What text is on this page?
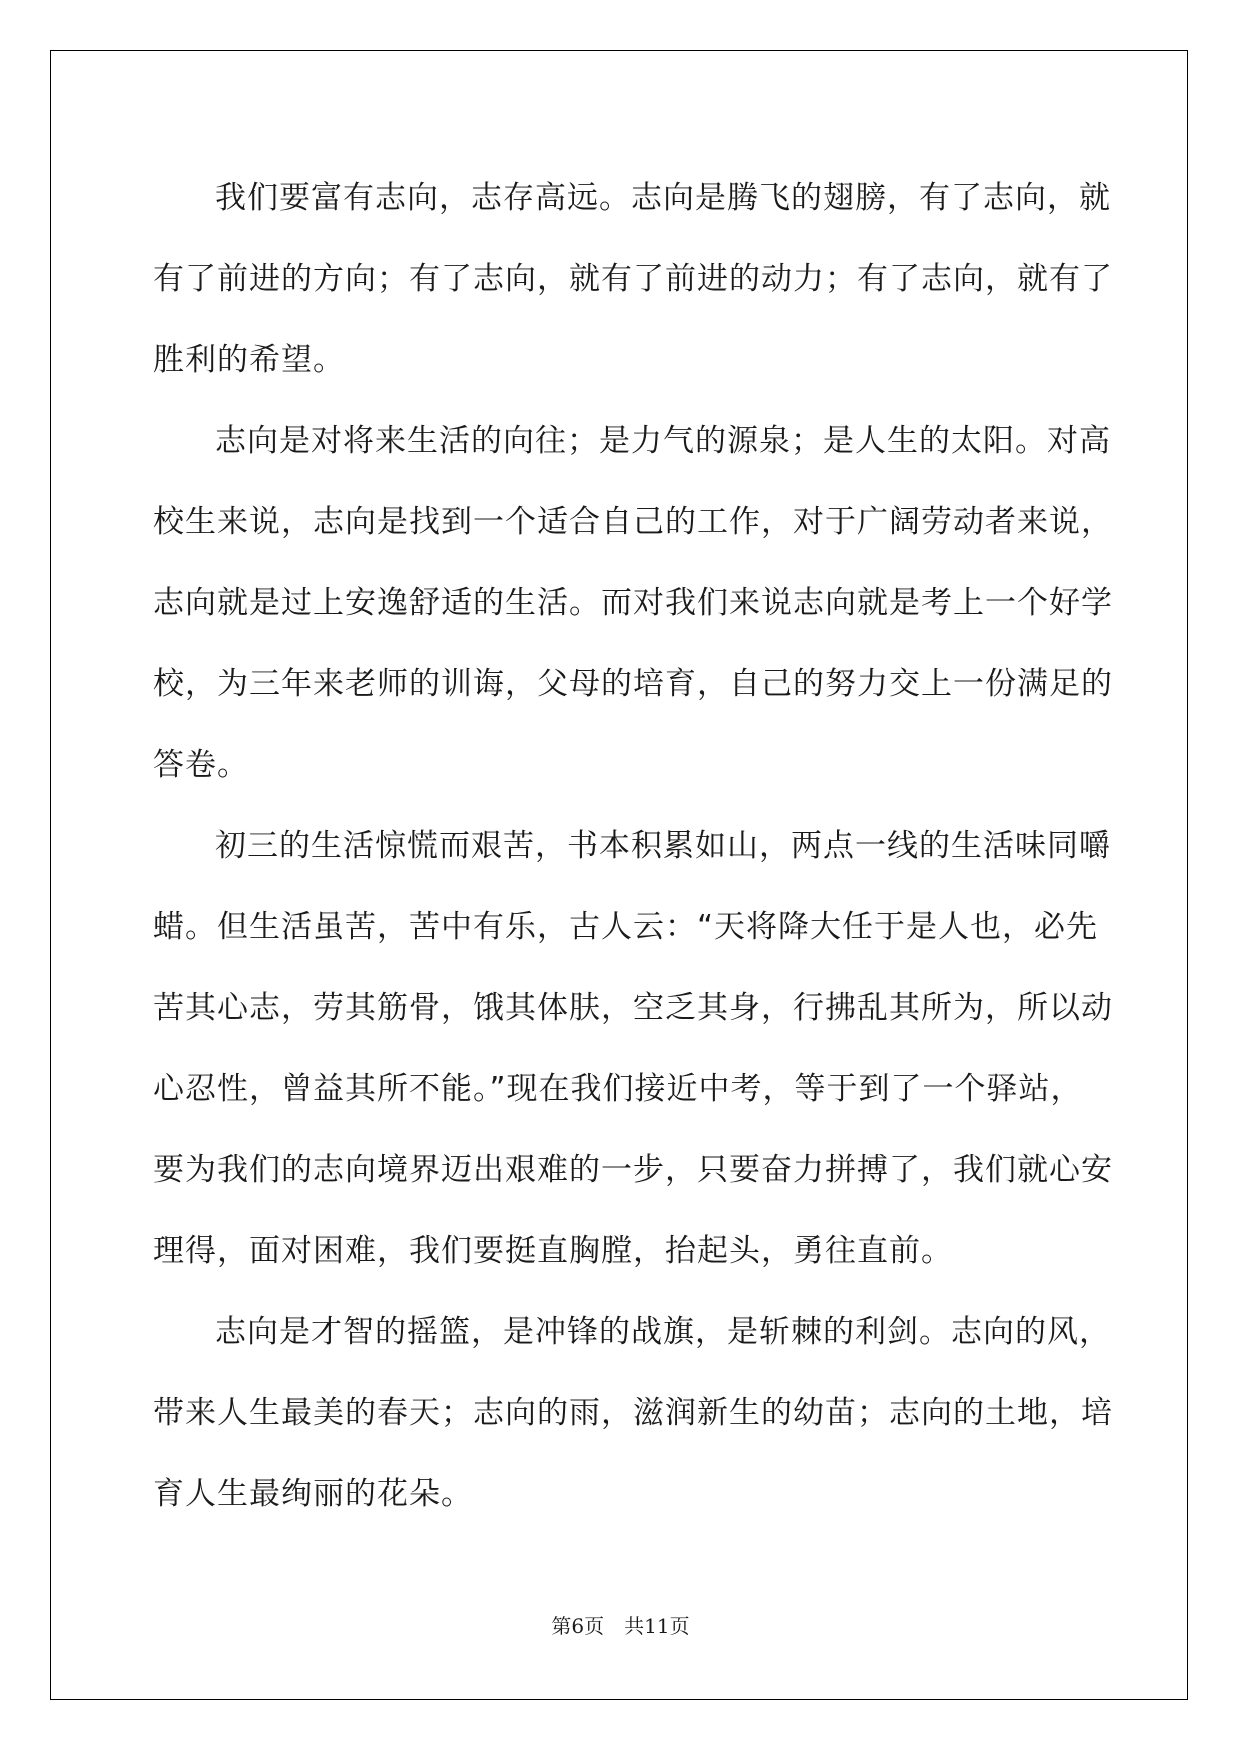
我们要富有志向，志存高远。志向是腾飞的翅膀，有了志向，就
有了前进的方向；有了志向，就有了前进的动力；有了志向，就有了
胜利的希望。
志向是对将来生活的向往；是力气的源泉；是人生的太阳。对高
校生来说，志向是找到一个适合自己的工作，对于广阔劳动者来说，
志向就是过上安逸舒适的生活。而对我们来说志向就是考上一个好学
校，为三年来老师的训诲，父母的培育，自己的努力交上一份满足的
答卷。
初三的生活惊慌而艰苦，书本积累如山，两点一线的生活味同嚼
蜡。但生活虽苦，苦中有乐，古人云：“天将降大任于是人也，必先
苦其心志，劳其筋骨，饿其体肤，空乏其身，行拂乱其所为，所以动
心忍性，曾益其所不能。”现在我们接近中考，等于到了一个驿站，
要为我们的志向境界迈出艰难的一步，只要奋力拼搏了，我们就心安
理得，面对困难，我们要挺直胸膛，抬起头，勇往直前。
志向是才智的摇篮，是冲锋的战旗，是斩棘的利剑。志向的风，
带来人生最美的春天；志向的雨，滋润新生的幼苗；志向的土地，培
育人生最绚丽的花朵。
第6页　共11页
